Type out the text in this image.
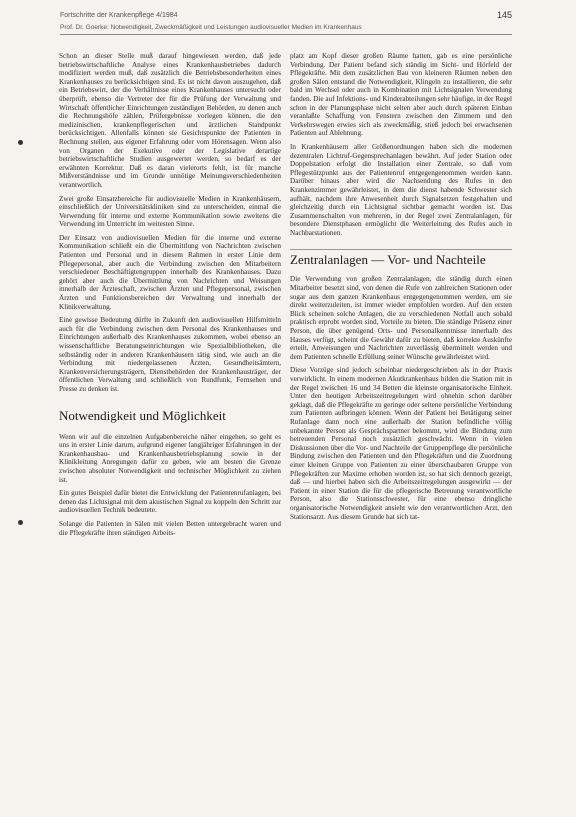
Fortschritte der Krankenpflege 4/1984	145
Prof. Dr. Goerke: Notwendigkeit, Zweckmäßigkeit und Leistungen audiovisueller Medien im Krankenhaus

Schon an dieser Stelle muß darauf hingewiesen werden, daß jede betriebswirtschaftliche Analyse eines Krankenhausbetriebes dadurch modifiziert werden muß, daß zusätzlich die Betriebsbesonderheiten eines Krankenhauses zu berücksichtigen sind. Es ist nicht davon auszugehen, daß ein Betriebswirt, der die Verhältnisse eines Krankenhauses untersucht oder überprüft, ebenso die Vertreter der für die Prüfung der Verwaltung und Wirtschaft öffentlicher Einrichtungen zuständigen Behörden, zu denen auch die Rechnungshöfe zählen, Prüfergebnisse vorlegen können, die den medizinischen, krankenpflegerischen und ärztlichen Standpunkt berücksichtigen. Allenfalls können sie Gesichtspunkte der Patienten in Rechnung stellen, aus eigener Erfahrung oder vom Hörensagen. Wenn also von Organen der Exekutive oder der Legislative derartige betriebswirtschaftliche Studien ausgewertet werden, so bedarf es der erwähnten Korrektur. Daß es daran vielerorts fehlt, ist für manche Mißverständnisse und im Grunde unnötige Meinungsverschiedenheiten verantwortlich.

Zwei große Einsatzbereiche für audiovisuelle Medien in Krankenhäusern, einschließlich der Universitätskliniken sind zu unterscheiden, einmal die Verwendung für interne und externe Kommunikation sowie zweitens die Verwendung im Unterricht im weitesten Sinne.

Der Einsatz von audiovisuellen Medien für die interne und externe Kommunikation schließt ein die Übermittlung von Nachrichten zwischen Patienten und Personal und in diesem Rahmen in erster Linie dem Pflegepersonal, aber auch die Verbindung zwischen den Mitarbeitern verschiedener Beschäftigtengruppen innerhalb des Krankenhauses. Dazu gehört aber auch die Übermittlung von Nachrichten und Weisungen innerhalb der Ärzteschaft, zwischen Ärzten und Pflegepersonal, zwischen Ärzten und Funktionsbereichen der Verwaltung und innerhalb der Klinikverwaltung.

Eine gewisse Bedeutung dürfte in Zukunft den audiovisuellen Hilfsmitteln auch für die Verbindung zwischen dem Personal des Krankenhauses und Einrichtungen außerhalb des Krankenhauses zukommen, wobei ebenso an wissenschaftliche Beratungseinrichtungen wie Spezialbibliotheken, die selbständig oder in anderen Krankenhäusern tätig sind, wie auch an die Verbindung mit niedergelassenen Ärzten, Gesundheitsämtern, Krankenversicherungsträgern, Dienstbehörden der Krankenhausträger, der öffentlichen Verwaltung und schließlich von Rundfunk, Fernsehen und Presse zu denken ist.

Notwendigkeit und Möglichkeit

Wenn wir auf die einzelnen Aufgabenbereiche näher eingehen, so geht es uns in erster Linie darum, aufgrund eigener langjähriger Erfahrungen in der Krankenhausbau- und Krankenhausbetriebsplanung sowie in der Klinikleitung Anregungen dafür zu geben, wie am besten die Grenze zwischen absoluter Notwendigkeit und technischer Möglichkeit zu ziehen ist.

Ein gutes Beispiel dafür bietet die Entwicklung der Patientenrufanlagen, bei denen das Lichtsignal mit dem akustischen Signal zu koppeln den Schritt zur audiovisuellen Technik bedeutete.

Solange die Patienten in Sälen mit vielen Betten untergebracht waren und die Pflegekräfte ihren ständigen Arbeits-

platz am Kopf dieser großen Räume hatten, gab es eine persönliche Verbindung. Der Patient befand sich ständig im Sicht- und Hörfeld der Pflegekräfte. Mit dem zusätzlichen Bau von kleineren Räumen neben den großen Sälen entstand die Notwendigkeit, Klingeln zu installieren, die sehr bald im Wechsel oder auch in Kombination mit Lichtsignalen Verwendung fanden. Die auf Infektions- und Kinderabteilungen sehr häufige, in der Regel schon in der Planungsphase nicht selten aber auch durch späteren Einbau veranlaßte Schaffung von Fenstern zwischen den Zimmern und den Verkehrswegen erwies sich als zweckmäßig, stieß jedoch bei erwachsenen Patienten auf Ablehnung.

In Krankenhäusern aller Größenordnungen haben sich die modernen dezentralen Lichtruf-Gegensprechanlagen bewährt. Auf jeder Station oder Doppelstation erfolgt die Installation einer Zentrale, so daß vom Pflegestützpunkt aus der Patientenruf entgegengenommen werden kann. Darüber hinaus aber wird die Nachsendung des Rufes in den Krankenzimmer gewährleistet, in dem die dienst habende Schwester sich aufhält, nachdem ihre Anwesenheit durch Signalsetzen festgehalten und gleichzeitig durch ein Lichtsignal sichtbar gemacht worden ist. Das Zusammenschalten von mehreren, in der Regel zwei Zentralanlagen, für besondere Dienstphasen ermöglicht die Weiterleitung des Rufes auch in Nachbarstationen.

Zentralanlagen — Vor- und Nachteile

Die Verwendung von großen Zentralanlagen, die ständig durch einen Mitarbeiter besetzt sind, von denen die Rufe von zahlreichen Stationen oder sogar aus dem ganzen Krankenhaus entgegengenommen werden, um sie direkt weiterzuleiten, ist immer wieder empfohlen worden. Auf den ersten Blick scheinen solche Anlagen, die zu verschiedenen Notfall auch sobald praktisch erprobt worden sind, Vorteile zu bieten. Die ständige Präsenz einer Person, die über genügend Orts- und Personalkenntnisse innerhalb des Hauses verfügt, scheint die Gewähr dafür zu bieten, daß korrekte Auskünfte erteilt, Anweisungen und Nachrichten zuverlässig übermittelt werden und dem Patienten schnelle Erfüllung seiner Wünsche gewährleistet wird.

Diese Vorzüge sind jedoch scheinbar niedergeschrieben als in der Praxis verwirklicht. In einem modernen Akutkrankenhaus bilden die Station mit in der Regel zwischen 16 und 34 Betten die kleinste organisatorische Einheit. Unter den heutigen Arbeitszeitregelungen wird ohnehin schon darüber geklagt, daß die Pflegekräfte zu geringe oder seltene persönliche Verbindung zum Patienten aufbringen können. Wenn der Patient bei Betätigung seiner Rufanlage dann noch eine außerhalb der Station befindliche völlig unbekannte Person als Gesprächspartner bekommt, wird die Bindung zum betreuenden Personal noch zusätzlich geschwächt. Wenn in vielen Diskussionen über die Vor- und Nachteile der Gruppenpflege die persönliche Bindung zwischen den Patienten und den Pflegekräften und die Zuordnung einer kleinen Gruppe von Patienten zu einer überschaubaren Gruppe von Pflegekräften zur Maxime erhoben worden ist, so hat sich dennoch gezeigt, daß — und hierbei haben sich die Arbeitszeitregelungen ausgewirkt — der Patient in einer Station die für die pflegerische Betreuung verantwortliche Person, also die Stationsschwester, für eine ebenso dringliche organisatorische Notwendigkeit ansieht wie den verantwortlichen Arzt, den Stationsarzt. Aus diesem Grunde hat sich tat-
